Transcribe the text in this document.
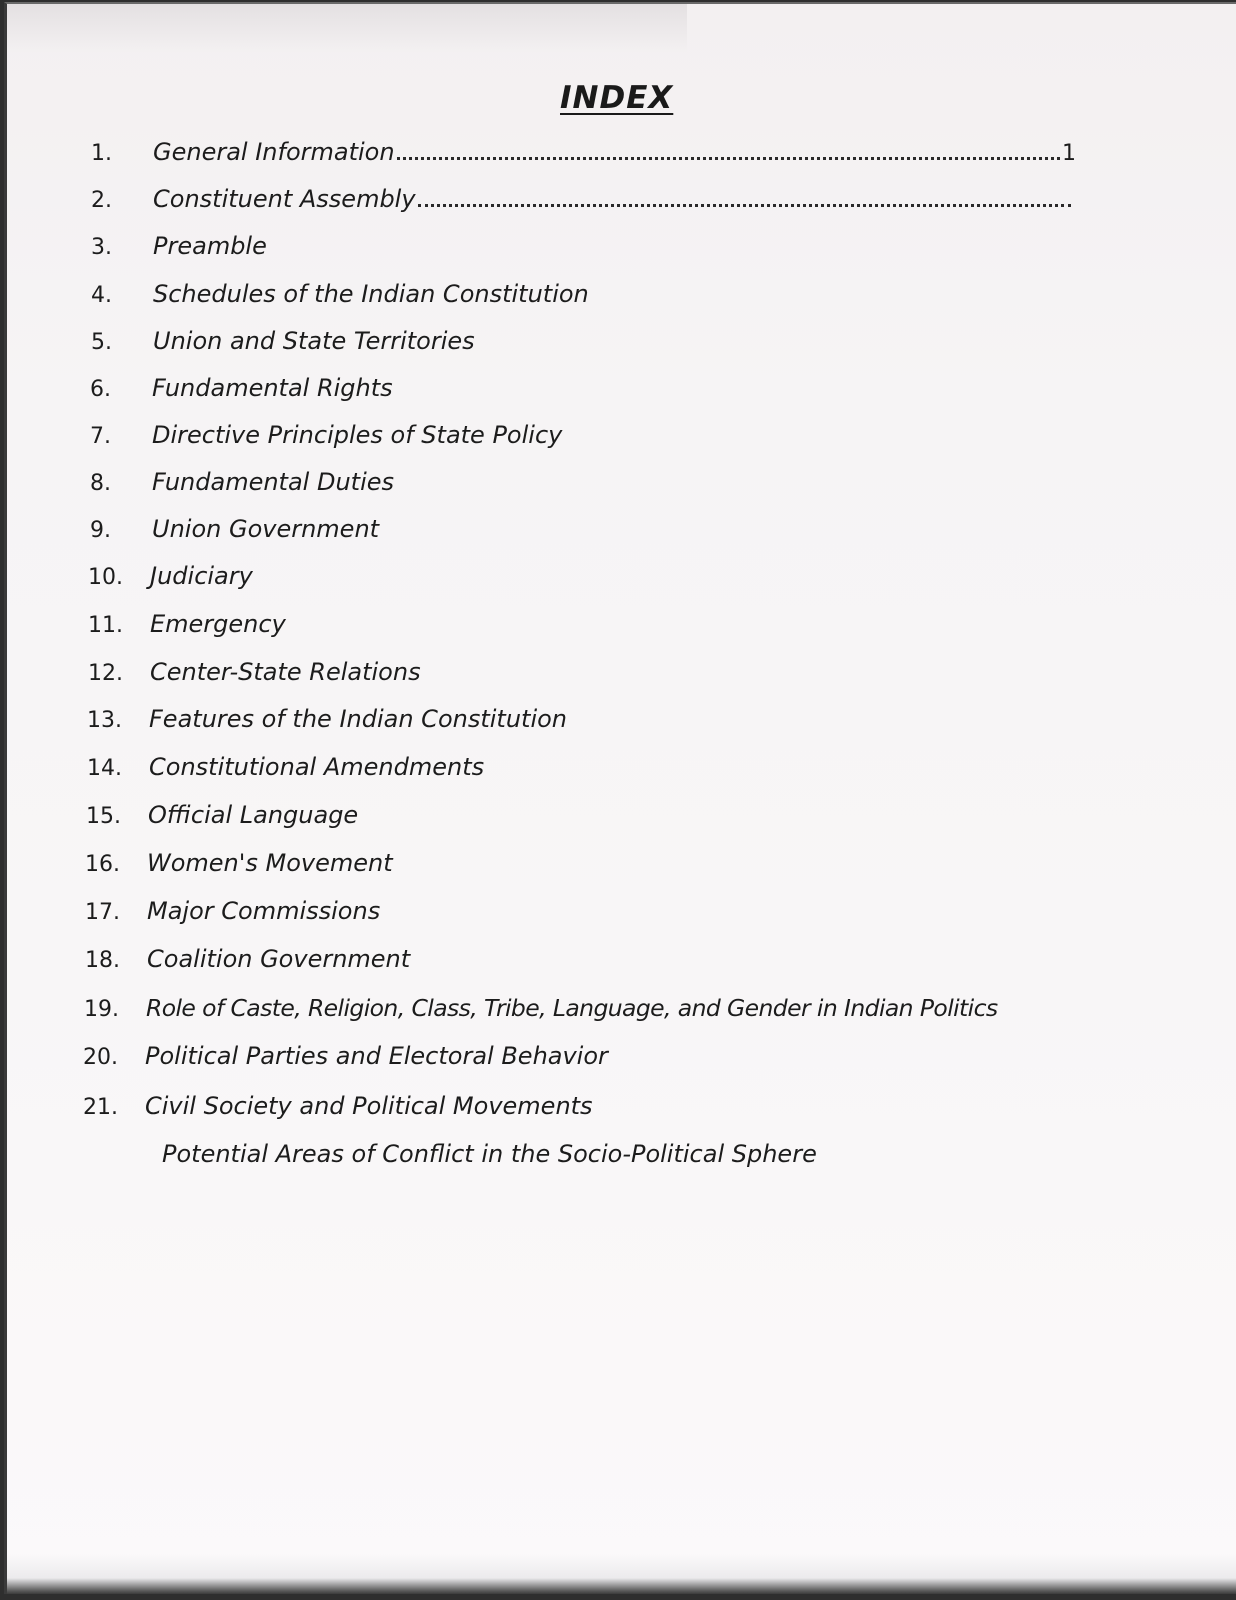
INDEX
1.	General Information	1
2.	Constituent Assembly
3.	Preamble
4.	Schedules of the Indian Constitution
5.	Union and State Territories
6.	Fundamental Rights
7.	Directive Principles of State Policy
8.	Fundamental Duties
9.	Union Government
10.	Judiciary
11.	Emergency
12.	Center-State Relations
13.	Features of the Indian Constitution
14.	Constitutional Amendments
15.	Official Language
16.	Women's Movement
17.	Major Commissions
18.	Coalition Government
19.	Role of Caste, Religion, Class, Tribe, Language, and Gender in Indian Politics
20.	Political Parties and Electoral Behavior
21.	Civil Society and Political Movements
Potential Areas of Conflict in the Socio-Political Sphere
